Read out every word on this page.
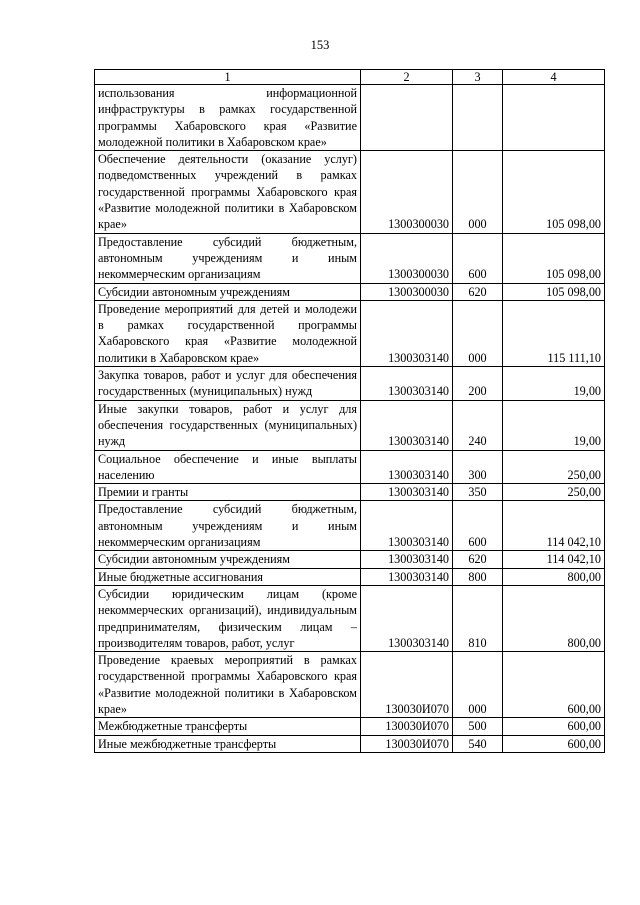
153
1	2	3	4
использования информационной инфраструктуры в рамках государственной программы Хабаровского края «Развитие молодежной политики в Хабаровском крае»			
Обеспечение деятельности (оказание услуг) подведомственных учреждений в рамках государственной программы Хабаровского края «Развитие молодежной политики в Хабаровском крае»	1300300030	000	105 098,00
Предоставление субсидий бюджетным, автономным учреждениям и иным некоммерческим организациям	1300300030	600	105 098,00
Субсидии автономным учреждениям	1300300030	620	105 098,00
Проведение мероприятий для детей и молодежи в рамках государственной программы Хабаровского края «Развитие молодежной политики в Хабаровском крае»	1300303140	000	115 111,10
Закупка товаров, работ и услуг для обеспечения государственных (муниципальных) нужд	1300303140	200	19,00
Иные закупки товаров, работ и услуг для обеспечения государственных (муниципальных) нужд	1300303140	240	19,00
Социальное обеспечение и иные выплаты населению	1300303140	300	250,00
Премии и гранты	1300303140	350	250,00
Предоставление субсидий бюджетным, автономным учреждениям и иным некоммерческим организациям	1300303140	600	114 042,10
Субсидии автономным учреждениям	1300303140	620	114 042,10
Иные бюджетные ассигнования	1300303140	800	800,00
Субсидии юридическим лицам (кроме некоммерческих организаций), индивидуальным предпринимателям, физическим лицам – производителям товаров, работ, услуг	1300303140	810	800,00
Проведение краевых мероприятий в рамках государственной программы Хабаровского края «Развитие молодежной политики в Хабаровском крае»	130030И070	000	600,00
Межбюджетные трансферты	130030И070	500	600,00
Иные межбюджетные трансферты	130030И070	540	600,00
